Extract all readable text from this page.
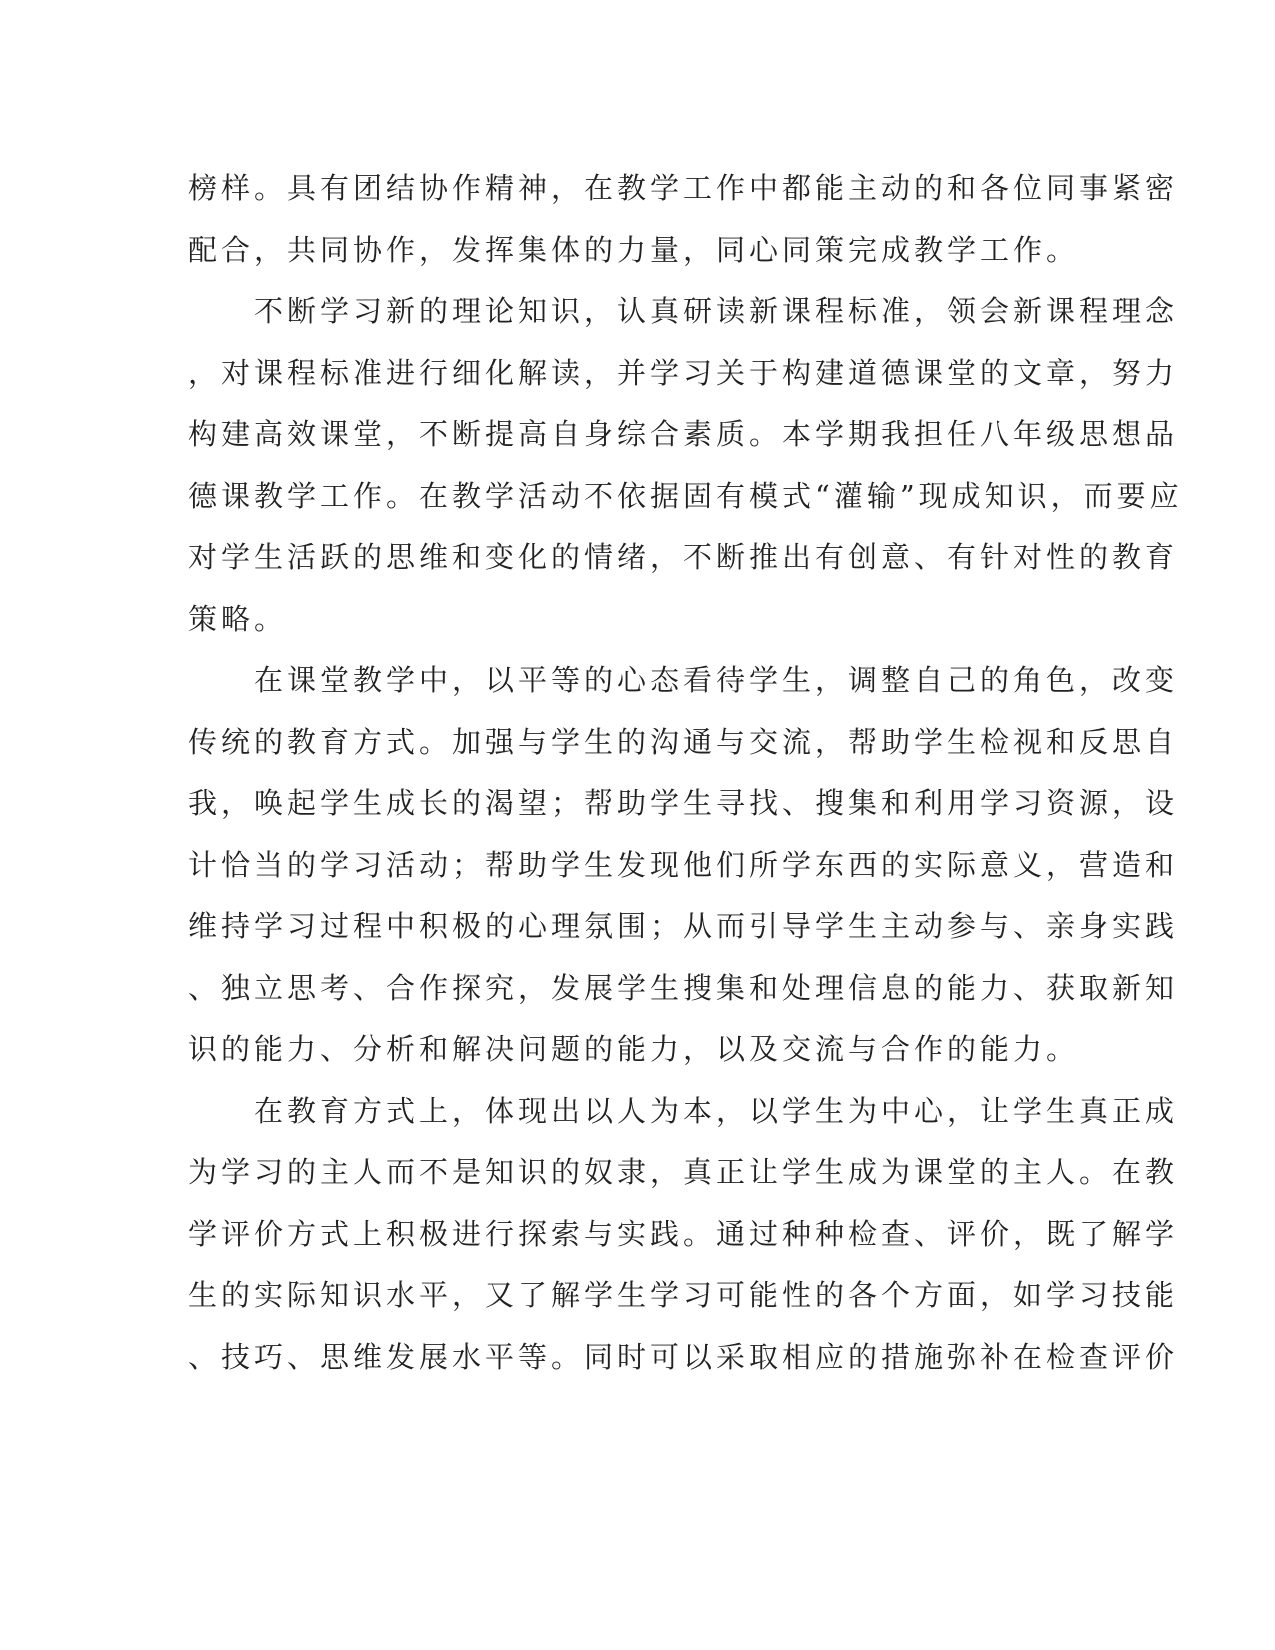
榜样。具有团结协作精神，在教学工作中都能主动的和各位同事紧密
配合，共同协作，发挥集体的力量，同心同策完成教学工作。
　　不断学习新的理论知识，认真研读新课程标准，领会新课程理念
，对课程标准进行细化解读，并学习关于构建道德课堂的文章，努力
构建高效课堂，不断提高自身综合素质。本学期我担任八年级思想品
德课教学工作。在教学活动不依据固有模式“灌输”现成知识，而要应
对学生活跃的思维和变化的情绪，不断推出有创意、有针对性的教育
策略。
　　在课堂教学中，以平等的心态看待学生，调整自己的角色，改变
传统的教育方式。加强与学生的沟通与交流，帮助学生检视和反思自
我，唤起学生成长的渴望；帮助学生寻找、搜集和利用学习资源，设
计恰当的学习活动；帮助学生发现他们所学东西的实际意义，营造和
维持学习过程中积极的心理氛围；从而引导学生主动参与、亲身实践
、独立思考、合作探究，发展学生搜集和处理信息的能力、获取新知
识的能力、分析和解决问题的能力，以及交流与合作的能力。
　　在教育方式上，体现出以人为本，以学生为中心，让学生真正成
为学习的主人而不是知识的奴隶，真正让学生成为课堂的主人。在教
学评价方式上积极进行探索与实践。通过种种检查、评价，既了解学
生的实际知识水平，又了解学生学习可能性的各个方面，如学习技能
、技巧、思维发展水平等。同时可以采取相应的措施弥补在检查评价
